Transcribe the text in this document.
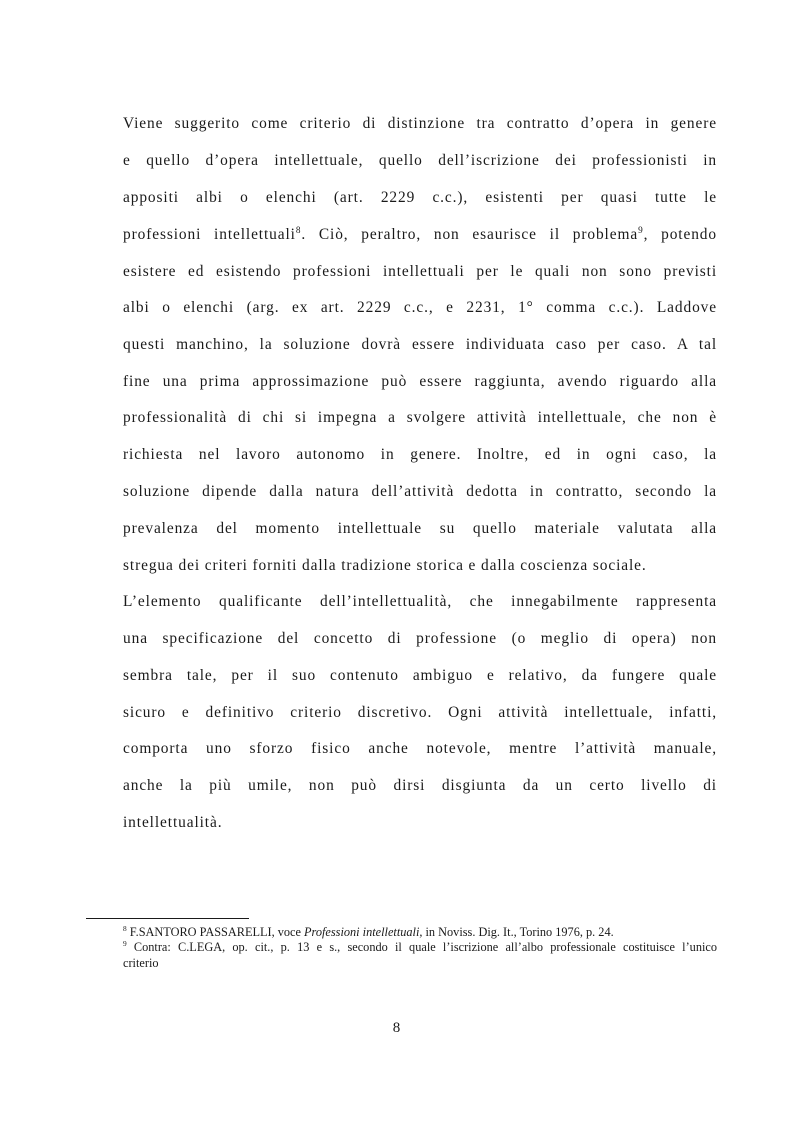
Viene suggerito come criterio di distinzione tra contratto d’opera in genere
e quello d’opera intellettuale, quello dell’iscrizione dei professionisti in
appositi albi o elenchi (art. 2229 c.c.), esistenti per quasi tutte le
professioni intellettuali$^8$. Ciò, peraltro, non esaurisce il problema$^9$, potendo
esistere ed esistendo professioni intellettuali per le quali non sono previsti
albi o elenchi (arg. ex art. 2229 c.c., e 2231, 1° comma c.c.). Laddove
questi manchino, la soluzione dovrà essere individuata caso per caso. A tal
fine una prima approssimazione può essere raggiunta, avendo riguardo alla
professionalità di chi si impegna a svolgere attività intellettuale, che non è
richiesta nel lavoro autonomo in genere. Inoltre, ed in ogni caso, la
soluzione dipende dalla natura dell’attività dedotta in contratto, secondo la
prevalenza del momento intellettuale su quello materiale valutata alla
stregua dei criteri forniti dalla tradizione storica e dalla coscienza sociale.
L’elemento qualificante dell’intellettualità, che innegabilmente rappresenta
una specificazione del concetto di professione (o meglio di opera) non
sembra tale, per il suo contenuto ambiguo e relativo, da fungere quale
sicuro e definitivo criterio discretivo. Ogni attività intellettuale, infatti,
comporta uno sforzo fisico anche notevole, mentre l’attività manuale,
anche la più umile, non può dirsi disgiunta da un certo livello di
intellettualità.
$^8$ F.SANTORO PASSARELLI, voce Professioni intellettuali, in Noviss. Dig. It., Torino 1976, p. 24.
$^9$ Contra: C.LEGA, op. cit., p. 13 e s., secondo il quale l’iscrizione all’albo professionale costituisce l’unico
criterio
8
